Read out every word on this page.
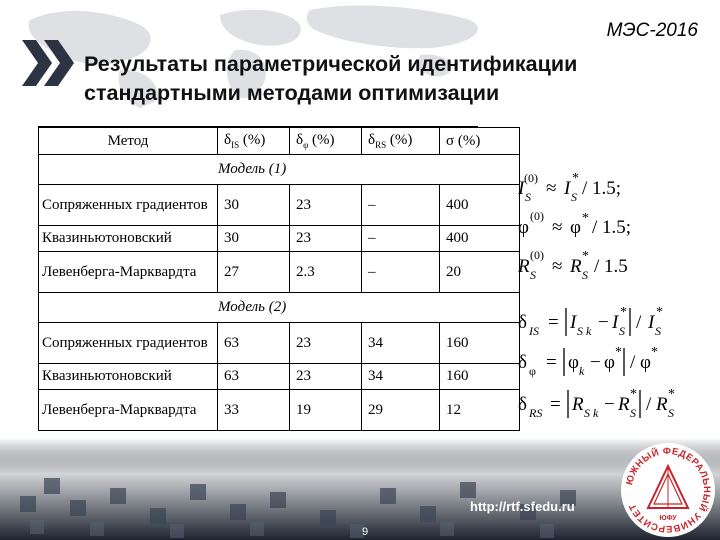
МЭС-2016
Результаты параметрической идентификации
стандартными методами оптимизации
Метод	$\delta_{IS}$ (%)	$\delta_\varphi$ (%)	$\delta_{RS}$ (%)	σ (%)
Модель (1)				
Сопряженных градиентов	30	23	–	400
Квазиньютоновский	30	23	–	400
Левенберга-Марквардта	27	2.3	–	20
Модель (2)				
Сопряженных градиентов	63	23	34	160
Квазиньютоновский	63	23	34	160
Левенберга-Марквардта	33	19	29	12
I S
(0) ≈ I S
* / 1.5;
φ
(0)
≈ φ * / 1.5;
R S
(0)
≈ R S
* / 1.5
δ IS = I S k − I S
* / I S
*
δ φ = φ k − φ * / φ *
δ RS = R S k − R S
* / R S
*
http://rtf.sfedu.ru
9
ЮЖНЫЙ ФЕДЕРАЛЬНЫЙ УНИВЕРСИТЕТ
ЮФУ
